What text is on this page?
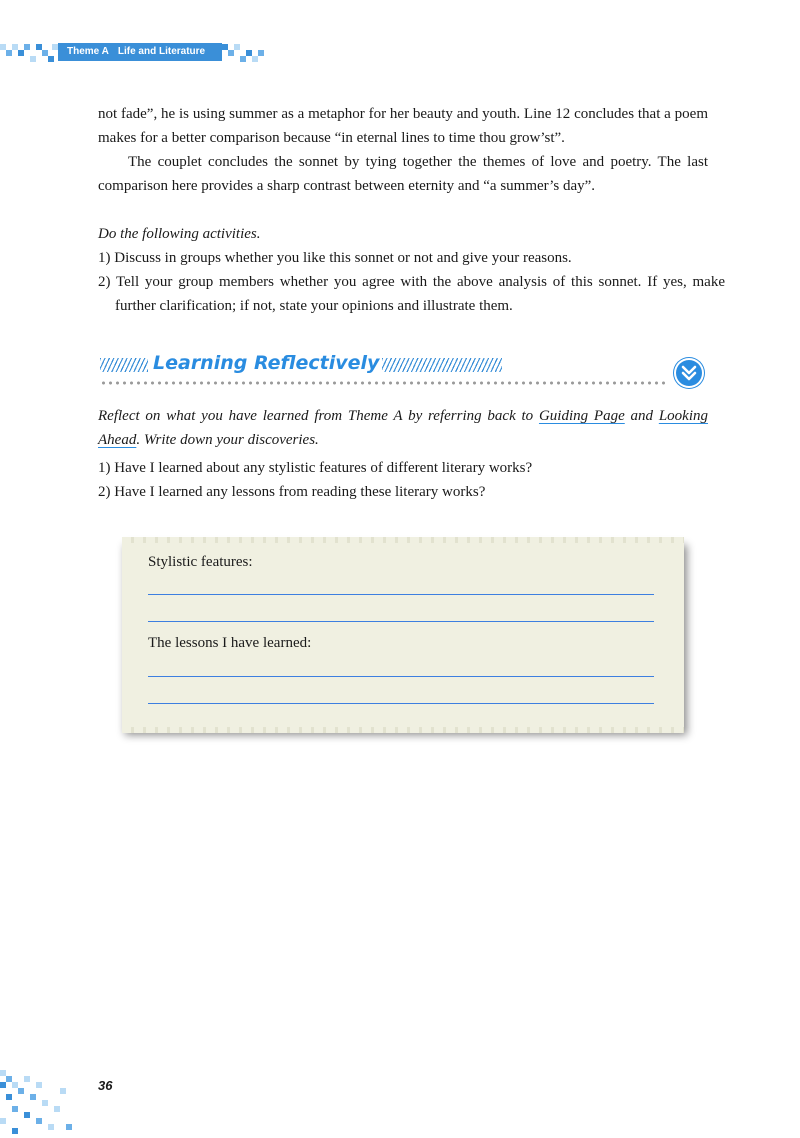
Theme A Life and Literature

not fade”, he is using summer as a metaphor for her beauty and youth. Line 12 concludes that a poem makes for a better comparison because “in eternal lines to time thou grow’st”.

The couplet concludes the sonnet by tying together the themes of love and poetry. The last comparison here provides a sharp contrast between eternity and “a summer’s day”.

Do the following activities.

1) Discuss in groups whether you like this sonnet or not and give your reasons.

2) Tell your group members whether you agree with the above analysis of this sonnet. If yes, make further clarification; if not, state your opinions and illustrate them.

Learning Reflectively

Reflect on what you have learned from Theme A by referring back to Guiding Page and Looking Ahead. Write down your discoveries.

1) Have I learned about any stylistic features of different literary works?

2) Have I learned any lessons from reading these literary works?

Stylistic features:

The lessons I have learned:

36
